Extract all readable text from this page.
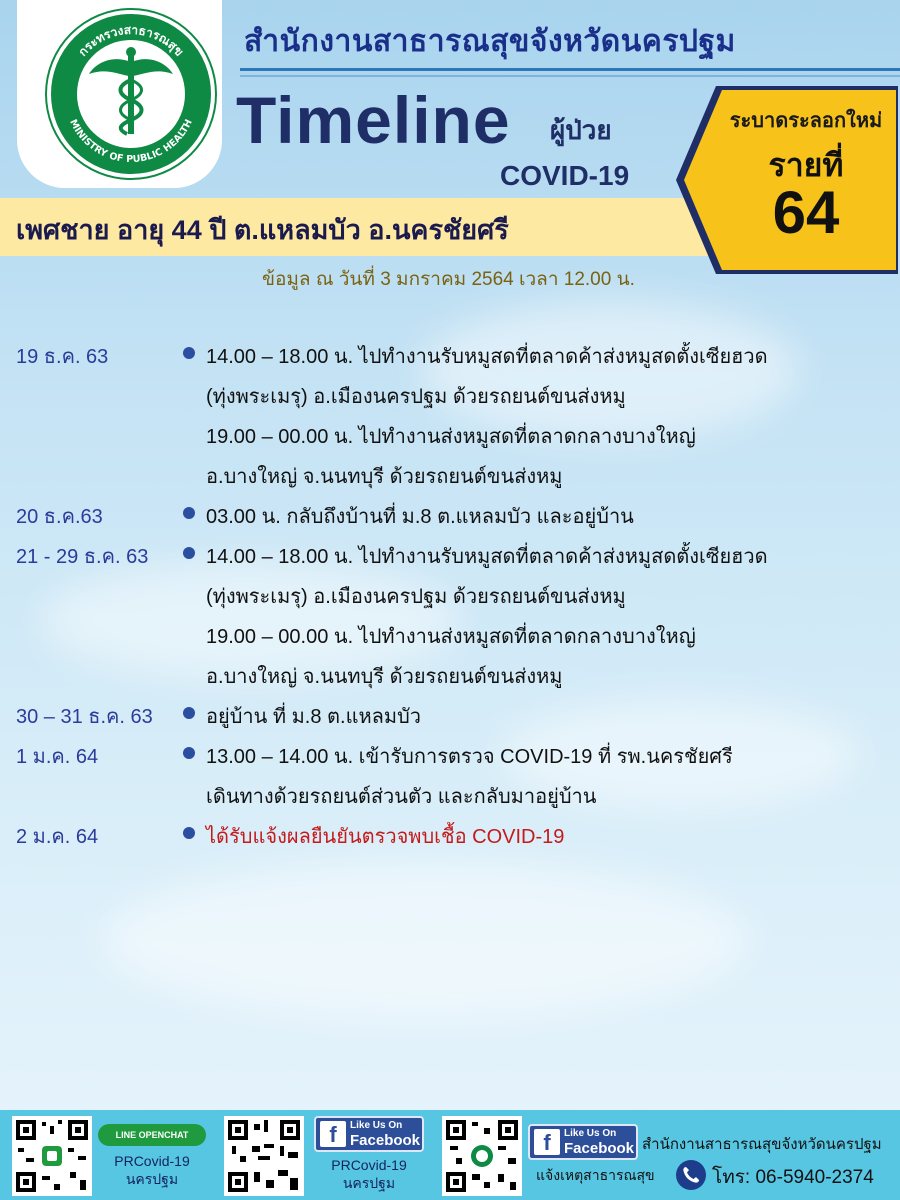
กระทรวงสาธารณสุข
MINISTRY OF PUBLIC HEALTH
สำนักงานสาธารณสุขจังหวัดนครปฐม
Timeline ผู้ป่วย
COVID-19
เพศชาย อายุ 44 ปี ต.แหลมบัว อ.นครชัยศรี
ระบาดระลอกใหม่
รายที่
64
ข้อมูล ณ วันที่ 3 มกราคม 2564 เวลา 12.00 น.
19 ธ.ค. 63	14.00 – 18.00 น. ไปทำงานรับหมูสดที่ตลาดค้าส่งหมูสดตั้งเซียฮวด
(ทุ่งพระเมรุ) อ.เมืองนครปฐม ด้วยรถยนต์ขนส่งหมู
19.00 – 00.00 น. ไปทำงานส่งหมูสดที่ตลาดกลางบางใหญ่
อ.บางใหญ่ จ.นนทบุรี ด้วยรถยนต์ขนส่งหมู
20 ธ.ค.63	03.00 น. กลับถึงบ้านที่ ม.8 ต.แหลมบัว และอยู่บ้าน
21 - 29 ธ.ค. 63	14.00 – 18.00 น. ไปทำงานรับหมูสดที่ตลาดค้าส่งหมูสดตั้งเซียฮวด
(ทุ่งพระเมรุ) อ.เมืองนครปฐม ด้วยรถยนต์ขนส่งหมู
19.00 – 00.00 น. ไปทำงานส่งหมูสดที่ตลาดกลางบางใหญ่
อ.บางใหญ่ จ.นนทบุรี ด้วยรถยนต์ขนส่งหมู
30 – 31 ธ.ค. 63	อยู่บ้าน ที่ ม.8 ต.แหลมบัว
1 ม.ค. 64	13.00 – 14.00 น. เข้ารับการตรวจ COVID-19 ที่ รพ.นครชัยศรี
เดินทางด้วยรถยนต์ส่วนตัว และกลับมาอยู่บ้าน
2 ม.ค. 64	ได้รับแจ้งผลยืนยันตรวจพบเชื้อ COVID-19
LINE OPENCHAT
PRCovid-19
นครปฐม
f	Like Us On
Facebook
PRCovid-19
นครปฐม
f	Like Us On
Facebook สำนักงานสาธารณสุขจังหวัดนครปฐม
แจ้งเหตุสาธารณสุข	โทร: 06-5940-2374
